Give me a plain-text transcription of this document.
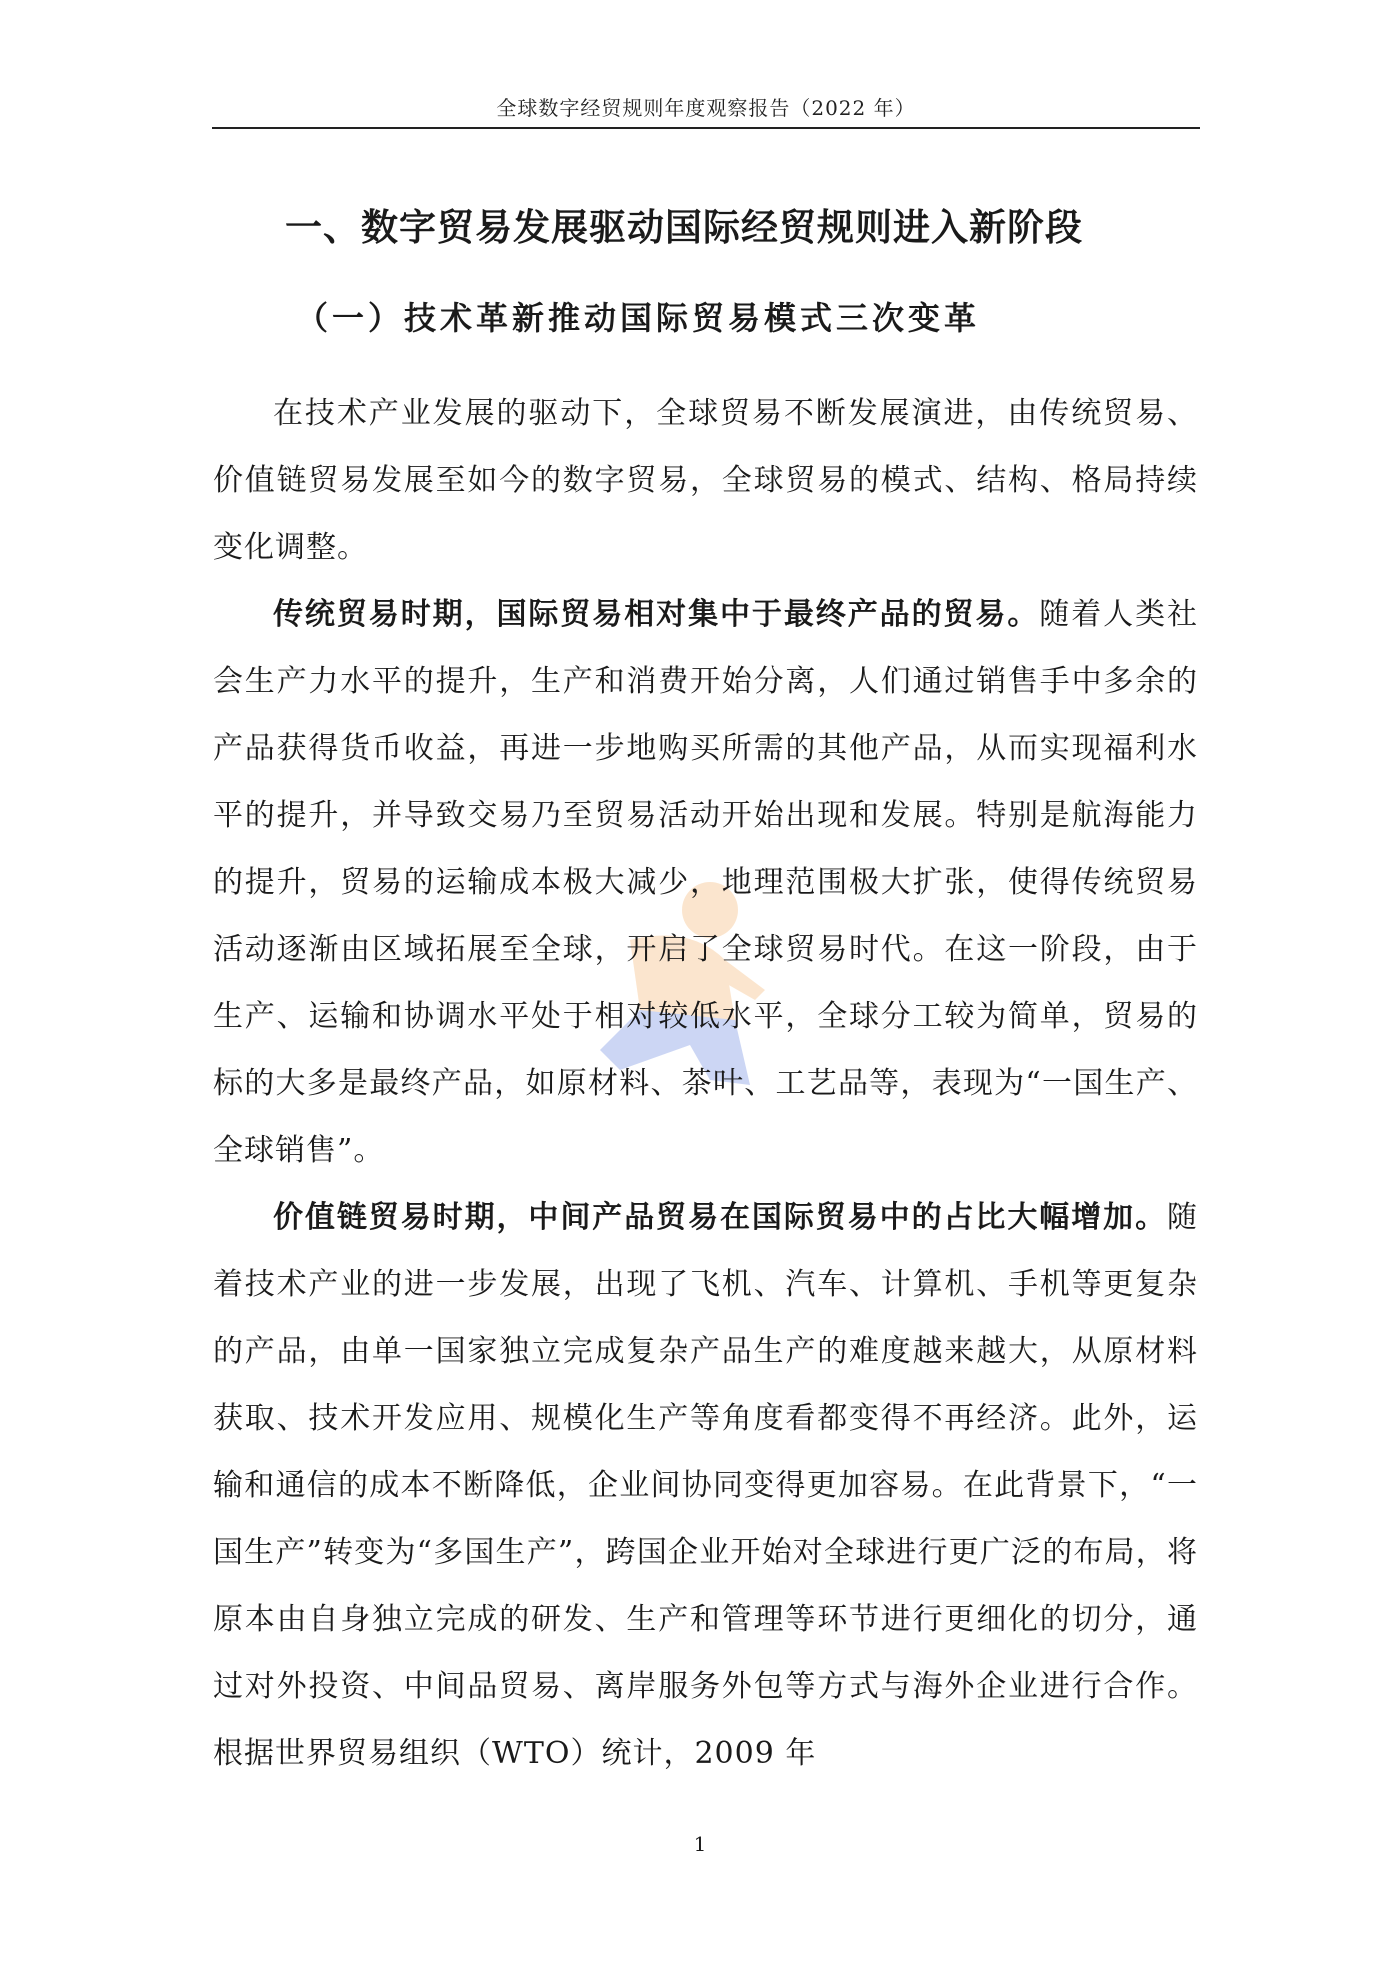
全球数字经贸规则年度观察报告（2022 年）
一、数字贸易发展驱动国际经贸规则进入新阶段
（一）技术革新推动国际贸易模式三次变革

在技术产业发展的驱动下，全球贸易不断发展演进，由传统贸易、价值链贸易发展至如今的数字贸易，全球贸易的模式、结构、格局持续变化调整。

传统贸易时期，国际贸易相对集中于最终产品的贸易。随着人类社会生产力水平的提升，生产和消费开始分离，人们通过销售手中多余的产品获得货币收益，再进一步地购买所需的其他产品，从而实现福利水平的提升，并导致交易乃至贸易活动开始出现和发展。特别是航海能力的提升，贸易的运输成本极大减少，地理范围极大扩张，使得传统贸易活动逐渐由区域拓展至全球，开启了全球贸易时代。在这一阶段，由于生产、运输和协调水平处于相对较低水平，全球分工较为简单，贸易的标的大多是最终产品，如原材料、茶叶、工艺品等，表现为“一国生产、全球销售”。

价值链贸易时期，中间产品贸易在国际贸易中的占比大幅增加。随着技术产业的进一步发展，出现了飞机、汽车、计算机、手机等更复杂的产品，由单一国家独立完成复杂产品生产的难度越来越大，从原材料获取、技术开发应用、规模化生产等角度看都变得不再经济。此外，运输和通信的成本不断降低，企业间协同变得更加容易。在此背景下，“一国生产”转变为“多国生产”，跨国企业开始对全球进行更广泛的布局，将原本由自身独立完成的研发、生产和管理等环节进行更细化的切分，通过对外投资、中间品贸易、离岸服务外包等方式与海外企业进行合作。根据世界贸易组织（WTO）统计，2009 年

1
